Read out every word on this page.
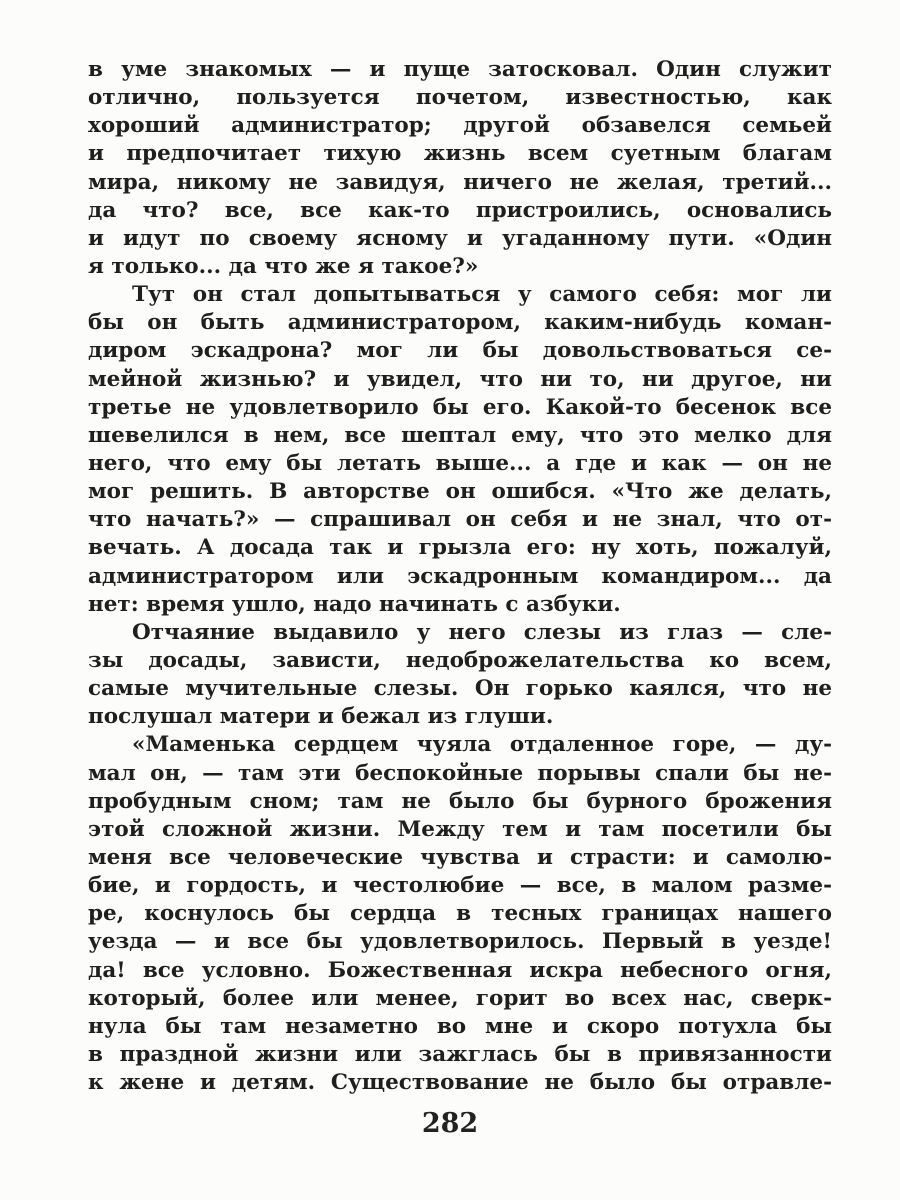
в уме знакомых — и пуще затосковал. Один служит
отлично, пользуется почетом, известностью, как
хороший администратор; другой обзавелся семьей
и предпочитает тихую жизнь всем суетным благам
мира, никому не завидуя, ничего не желая, третий...
да что? все, все как-то пристроились, основались
и идут по своему ясному и угаданному пути. «Один
я только... да что же я такое?»
Тут он стал допытываться у самого себя: мог ли
бы он быть администратором, каким-нибудь коман-
диром эскадрона? мог ли бы довольствоваться се-
мейной жизнью? и увидел, что ни то, ни другое, ни
третье не удовлетворило бы его. Какой-то бесенок все
шевелился в нем, все шептал ему, что это мелко для
него, что ему бы летать выше... а где и как — он не
мог решить. В авторстве он ошибся. «Что же делать,
что начать?» — спрашивал он себя и не знал, что от-
вечать. А досада так и грызла его: ну хоть, пожалуй,
администратором или эскадронным командиром... да
нет: время ушло, надо начинать с азбуки.
Отчаяние выдавило у него слезы из глаз — сле-
зы досады, зависти, недоброжелательства ко всем,
самые мучительные слезы. Он горько каялся, что не
послушал матери и бежал из глуши.
«Маменька сердцем чуяла отдаленное горе, — ду-
мал он, — там эти беспокойные порывы спали бы не-
пробудным сном; там не было бы бурного брожения
этой сложной жизни. Между тем и там посетили бы
меня все человеческие чувства и страсти: и самолю-
бие, и гордость, и честолюбие — все, в малом разме-
ре, коснулось бы сердца в тесных границах нашего
уезда — и все бы удовлетворилось. Первый в уезде!
да! все условно. Божественная искра небесного огня,
который, более или менее, горит во всех нас, сверк-
нула бы там незаметно во мне и скоро потухла бы
в праздной жизни или зажглась бы в привязанности
к жене и детям. Существование не было бы отравле-
282
